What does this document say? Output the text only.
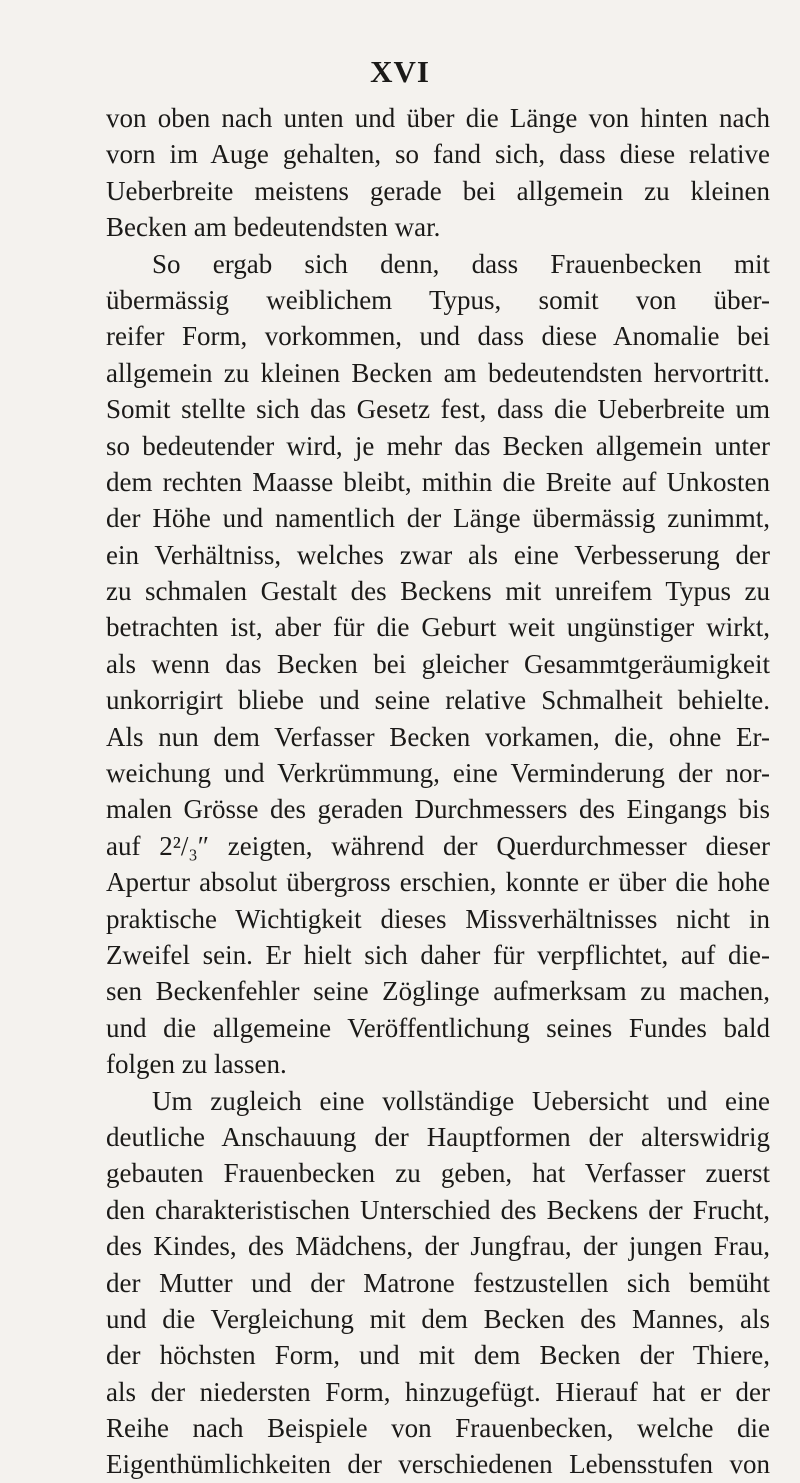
XVI
von oben nach unten und über die Länge von hinten nach
vorn im Auge gehalten, so fand sich, dass diese relative
Ueberbreite meistens gerade bei allgemein zu kleinen
Becken am bedeutendsten war.
So ergab sich denn, dass Frauenbecken mit
übermässig weiblichem Typus, somit von über-
reifer Form, vorkommen, und dass diese Anomalie bei
allgemein zu kleinen Becken am bedeutendsten hervortritt.
Somit stellte sich das Gesetz fest, dass die Ueberbreite um
so bedeutender wird, je mehr das Becken allgemein unter
dem rechten Maasse bleibt, mithin die Breite auf Unkosten
der Höhe und namentlich der Länge übermässig zunimmt,
ein Verhältniss, welches zwar als eine Verbesserung der
zu schmalen Gestalt des Beckens mit unreifem Typus zu
betrachten ist, aber für die Geburt weit ungünstiger wirkt,
als wenn das Becken bei gleicher Gesammtgeräumigkeit
unkorrigirt bliebe und seine relative Schmalheit behielte.
Als nun dem Verfasser Becken vorkamen, die, ohne Er-
weichung und Verkrümmung, eine Verminderung der nor-
malen Grösse des geraden Durchmessers des Eingangs bis
auf 2²/₃″ zeigten, während der Querdurchmesser dieser
Apertur absolut übergross erschien, konnte er über die hohe
praktische Wichtigkeit dieses Missverhältnisses nicht in
Zweifel sein. Er hielt sich daher für verpflichtet, auf die-
sen Beckenfehler seine Zöglinge aufmerksam zu machen,
und die allgemeine Veröffentlichung seines Fundes bald
folgen zu lassen.
Um zugleich eine vollständige Uebersicht und eine
deutliche Anschauung der Hauptformen der alterswidrig
gebauten Frauenbecken zu geben, hat Verfasser zuerst
den charakteristischen Unterschied des Beckens der Frucht,
des Kindes, des Mädchens, der Jungfrau, der jungen Frau,
der Mutter und der Matrone festzustellen sich bemüht
und die Vergleichung mit dem Becken des Mannes, als
der höchsten Form, und mit dem Becken der Thiere,
als der niedersten Form, hinzugefügt. Hierauf hat er der
Reihe nach Beispiele von Frauenbecken, welche die
Eigenthümlichkeiten der verschiedenen Lebensstufen von
